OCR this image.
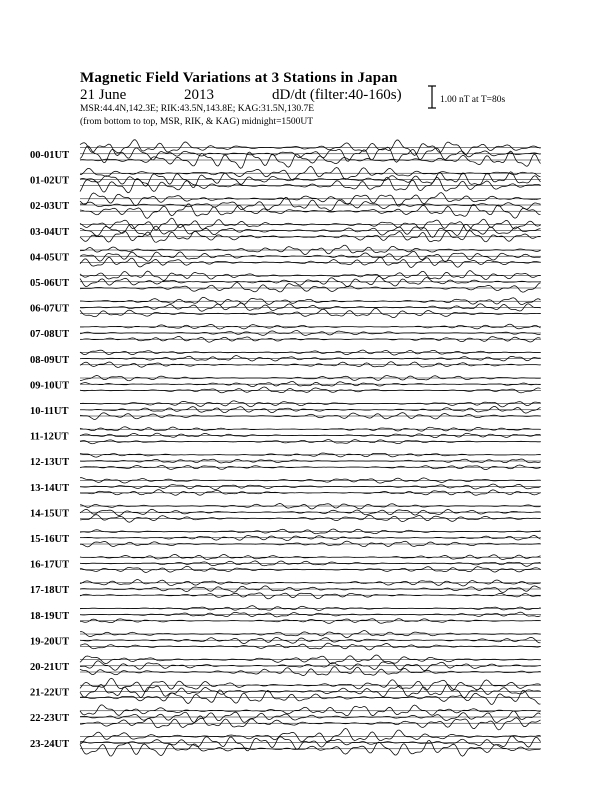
Magnetic Field Variations at 3 Stations in Japan
21 June	2013	dD/dt (filter:40-160s)
MSR:44.4N,142.3E; RIK:43.5N,143.8E; KAG:31.5N,130.7E
(from bottom to top, MSR, RIK, & KAG) midnight=1500UT
1.00 nT at T=80s
00-01UT
01-02UT
02-03UT
03-04UT
04-05UT
05-06UT
06-07UT
07-08UT
08-09UT
09-10UT
10-11UT
11-12UT
12-13UT
13-14UT
14-15UT
15-16UT
16-17UT
17-18UT
18-19UT
19-20UT
20-21UT
21-22UT
22-23UT
23-24UT
